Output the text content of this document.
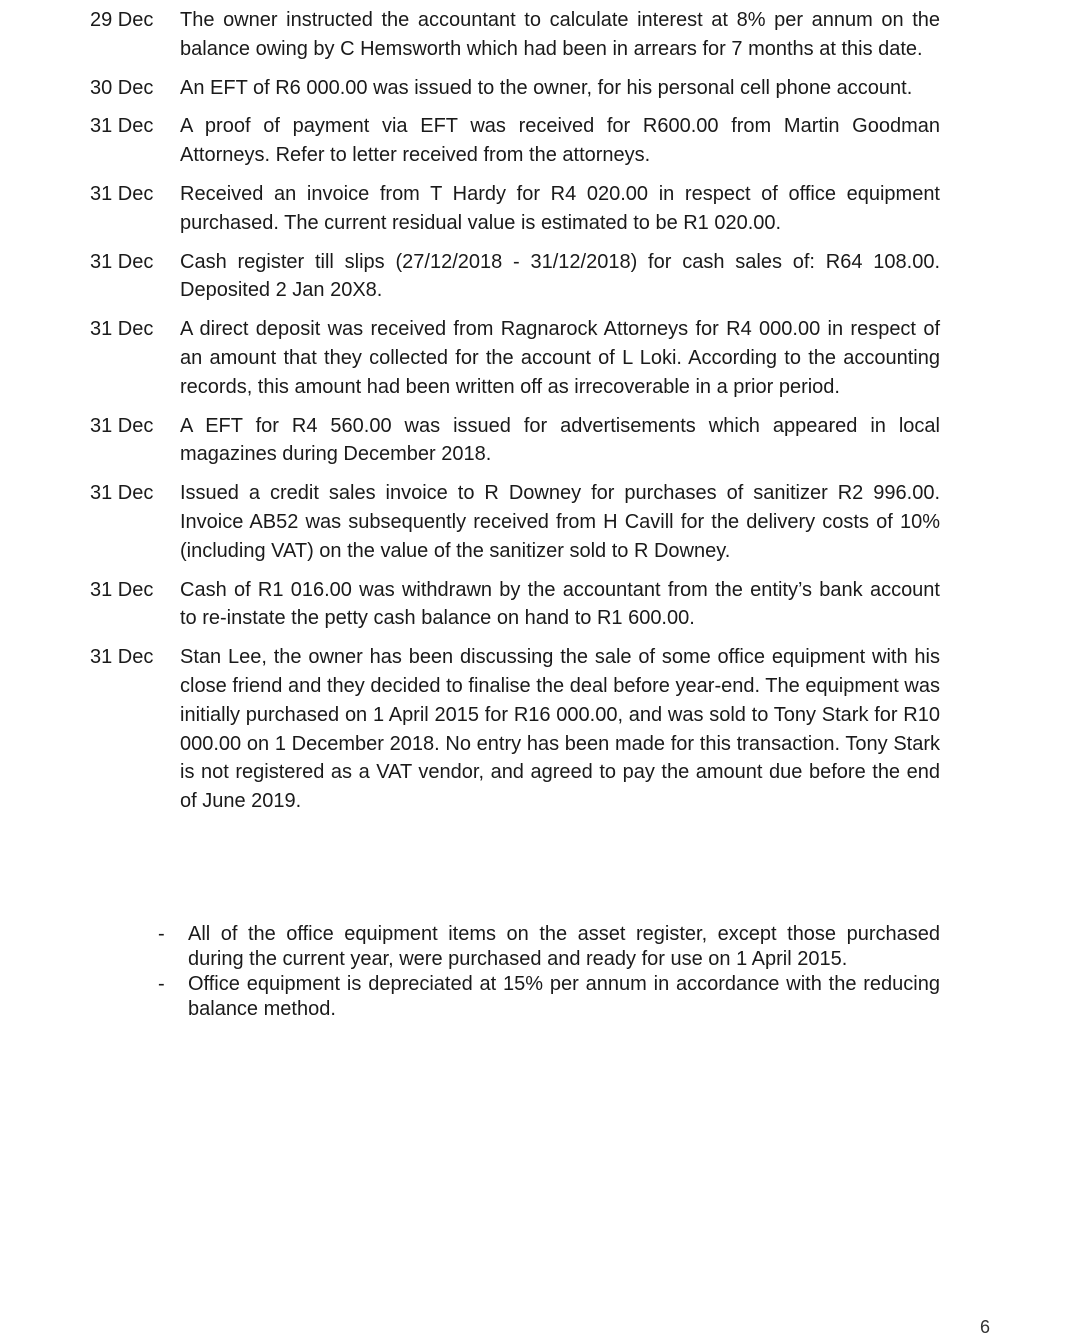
29 Dec	The owner instructed the accountant to calculate interest at 8% per annum on the balance owing by C Hemsworth which had been in arrears for 7 months at this date.
30 Dec	An EFT of R6 000.00 was issued to the owner, for his personal cell phone account.
31 Dec	A proof of payment via EFT was received for R600.00 from Martin Goodman Attorneys. Refer to letter received from the attorneys.
31 Dec	Received an invoice from T Hardy for R4 020.00 in respect of office equipment purchased. The current residual value is estimated to be R1 020.00.
31 Dec	Cash register till slips (27/12/2018 - 31/12/2018) for cash sales of: R64 108.00. Deposited 2 Jan 20X8.
31 Dec	A direct deposit was received from Ragnarock Attorneys for R4 000.00 in respect of an amount that they collected for the account of L Loki. According to the accounting records, this amount had been written off as irrecoverable in a prior period.
31 Dec	A EFT for R4 560.00 was issued for advertisements which appeared in local magazines during December 2018.
31 Dec	Issued a credit sales invoice to R Downey for purchases of sanitizer R2 996.00. Invoice AB52 was subsequently received from H Cavill for the delivery costs of 10% (including VAT) on the value of the sanitizer sold to R Downey.
31 Dec	Cash of R1 016.00 was withdrawn by the accountant from the entity’s bank account to re-instate the petty cash balance on hand to R1 600.00.
31 Dec	Stan Lee, the owner has been discussing the sale of some office equipment with his close friend and they decided to finalise the deal before year-end. The equipment was initially purchased on 1 April 2015 for R16 000.00, and was sold to Tony Stark for R10 000.00 on 1 December 2018. No entry has been made for this transaction. Tony Stark is not registered as a VAT vendor, and agreed to pay the amount due before the end of June 2019.
-	All of the office equipment items on the asset register, except those purchased during the current year, were purchased and ready for use on 1 April 2015.
-	Office equipment is depreciated at 15% per annum in accordance with the reducing balance method.
6
